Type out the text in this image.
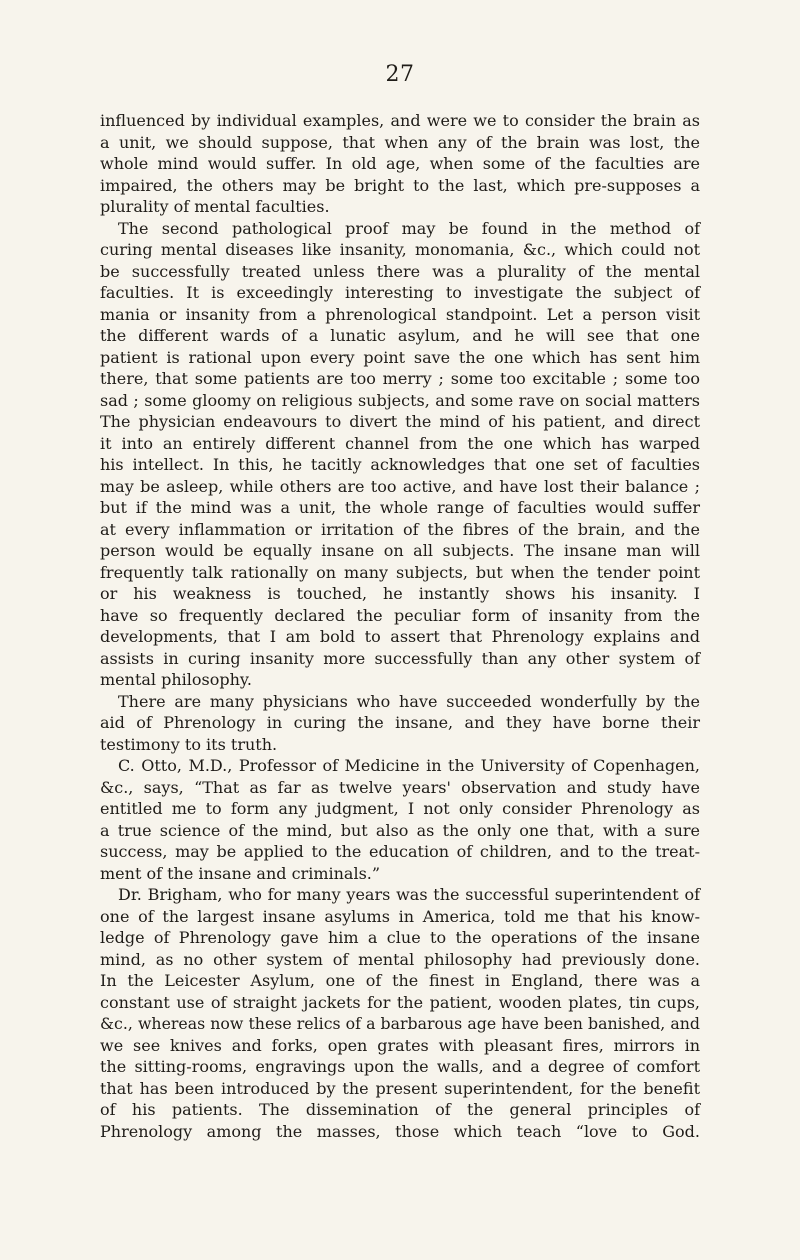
27
influenced by individual examples, and were we to consider the brain as
a unit, we should suppose, that when any of the brain was lost, the
whole mind would suffer. In old age, when some of the faculties are
impaired, the others may be bright to the last, which pre-supposes a
plurality of mental faculties.
The second pathological proof may be found in the method of
curing mental diseases like insanity, monomania, &c., which could not
be successfully treated unless there was a plurality of the mental
faculties. It is exceedingly interesting to investigate the subject of
mania or insanity from a phrenological standpoint. Let a person visit
the different wards of a lunatic asylum, and he will see that one
patient is rational upon every point save the one which has sent him
there, that some patients are too merry ; some too excitable ; some too
sad ; some gloomy on religious subjects, and some rave on social matters
The physician endeavours to divert the mind of his patient, and direct
it into an entirely different channel from the one which has warped
his intellect. In this, he tacitly acknowledges that one set of faculties
may be asleep, while others are too active, and have lost their balance ;
but if the mind was a unit, the whole range of faculties would suffer
at every inflammation or irritation of the fibres of the brain, and the
person would be equally insane on all subjects. The insane man will
frequently talk rationally on many subjects, but when the tender point
or his weakness is touched, he instantly shows his insanity. I
have so frequently declared the peculiar form of insanity from the
developments, that I am bold to assert that Phrenology explains and
assists in curing insanity more successfully than any other system of
mental philosophy.
There are many physicians who have succeeded wonderfully by the
aid of Phrenology in curing the insane, and they have borne their
testimony to its truth.
C. Otto, M.D., Professor of Medicine in the University of Copenhagen,
&c., says, “That as far as twelve years' observation and study have
entitled me to form any judgment, I not only consider Phrenology as
a true science of the mind, but also as the only one that, with a sure
success, may be applied to the education of children, and to the treat-
ment of the insane and criminals.”
Dr. Brigham, who for many years was the successful superintendent of
one of the largest insane asylums in America, told me that his know-
ledge of Phrenology gave him a clue to the operations of the insane
mind, as no other system of mental philosophy had previously done.
In the Leicester Asylum, one of the finest in England, there was a
constant use of straight jackets for the patient, wooden plates, tin cups,
&c., whereas now these relics of a barbarous age have been banished, and
we see knives and forks, open grates with pleasant fires, mirrors in
the sitting-rooms, engravings upon the walls, and a degree of comfort
that has been introduced by the present superintendent, for the benefit
of his patients. The dissemination of the general principles of
Phrenology among the masses, those which teach “love to God.
